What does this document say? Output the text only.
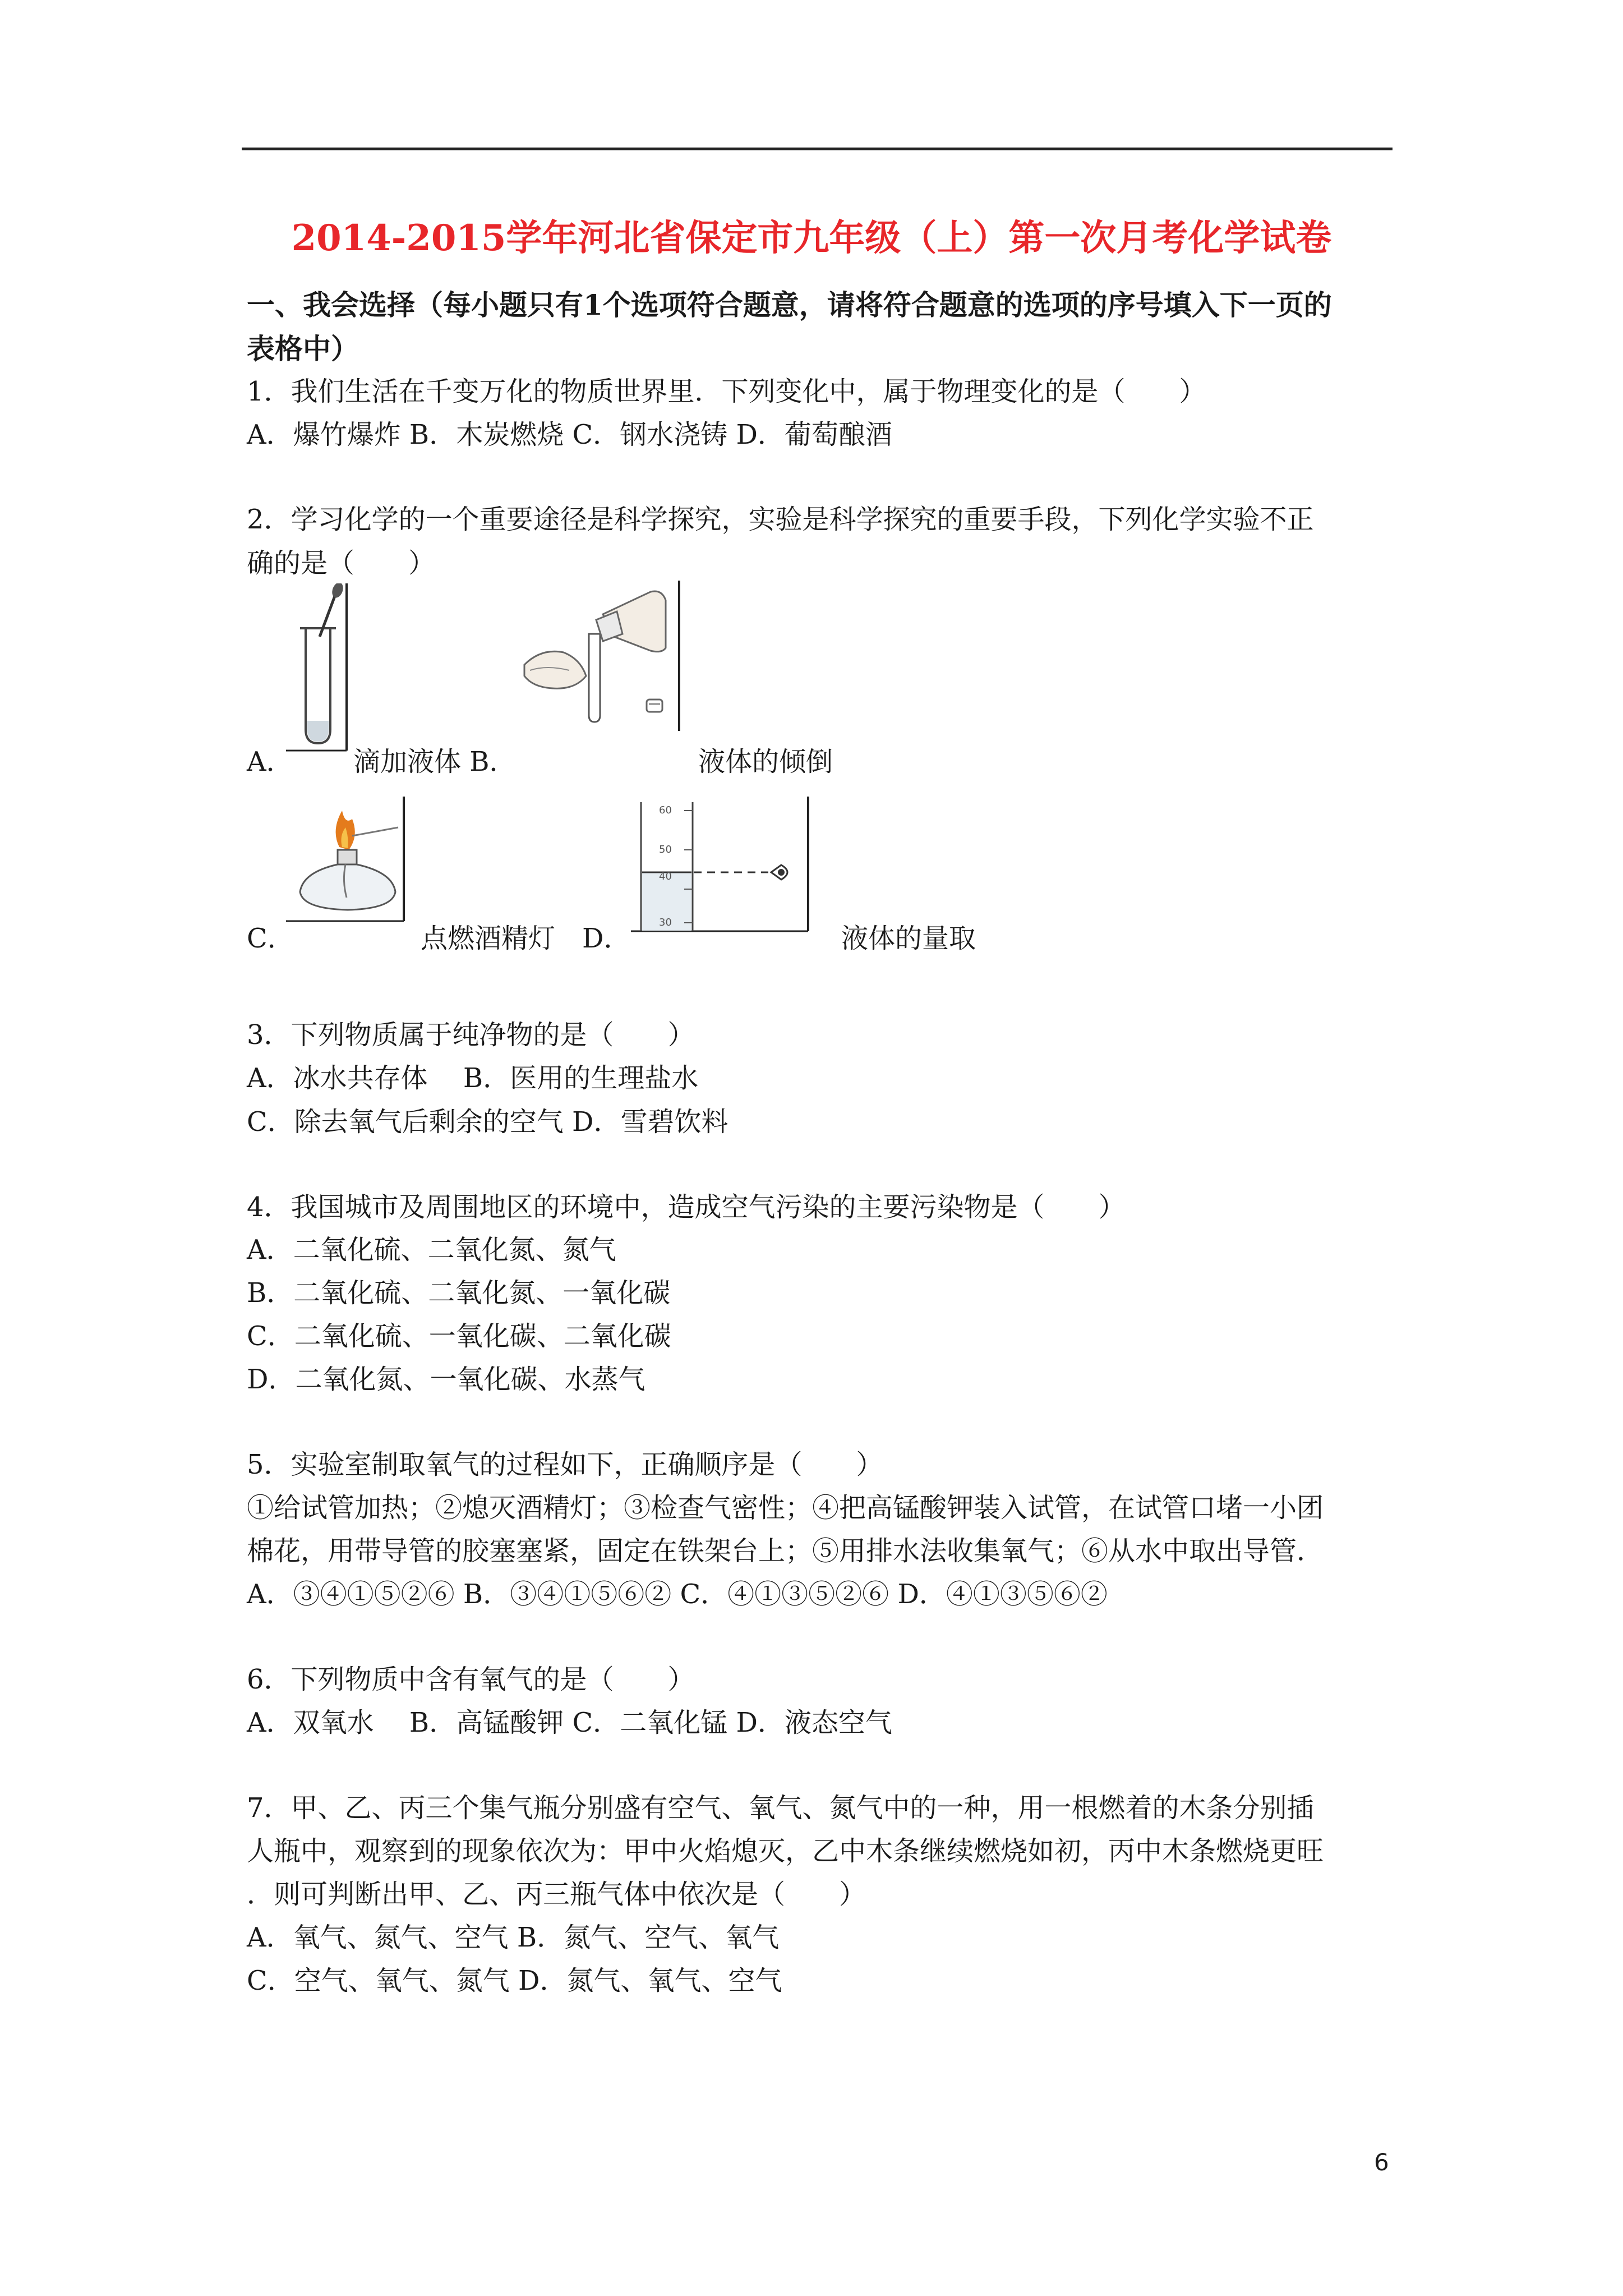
2014-2015学年河北省保定市九年级（上）第一次月考化学试卷
一、我会选择（每小题只有1个选项符合题意，请将符合题意的选项的序号填入下一页的
表格中）
1．我们生活在千变万化的物质世界里．下列变化中，属于物理变化的是（　　）
A．爆竹爆炸 B．木炭燃烧 C．钢水浇铸 D．葡萄酿酒
2．学习化学的一个重要途径是科学探究，实验是科学探究的重要手段，下列化学实验不正
确的是（　　）
A． 滴加液体 B．	液体的倾倒
C．	点燃酒精灯　D．
60
50
40
30
液体的量取
3．下列物质属于纯净物的是（　　）
A．冰水共存体　 B．医用的生理盐水
C．除去氧气后剩余的空气 D．雪碧饮料
4．我国城市及周围地区的环境中，造成空气污染的主要污染物是（　　）
A．二氧化硫、二氧化氮、氮气
B．二氧化硫、二氧化氮、一氧化碳
C．二氧化硫、一氧化碳、二氧化碳
D．二氧化氮、一氧化碳、水蒸气
5．实验室制取氧气的过程如下，正确顺序是（　　）
①给试管加热；②熄灭酒精灯；③检查气密性；④把高锰酸钾装入试管，在试管口堵一小团
棉花，用带导管的胶塞塞紧，固定在铁架台上；⑤用排水法收集氧气；⑥从水中取出导管．
A．③④①⑤②⑥ B．③④①⑤⑥② C．④①③⑤②⑥ D．④①③⑤⑥②
6．下列物质中含有氧气的是（　　）
A．双氧水　 B．高锰酸钾 C．二氧化锰 D．液态空气
7．甲、乙、丙三个集气瓶分别盛有空气、氧气、氮气中的一种，用一根燃着的木条分别插
人瓶中，观察到的现象依次为：甲中火焰熄灭，乙中木条继续燃烧如初，丙中木条燃烧更旺
．则可判断出甲、乙、丙三瓶气体中依次是（　　）
A．氧气、氮气、空气 B．氮气、空气、氧气
C．空气、氧气、氮气 D．氮气、氧气、空气
6
